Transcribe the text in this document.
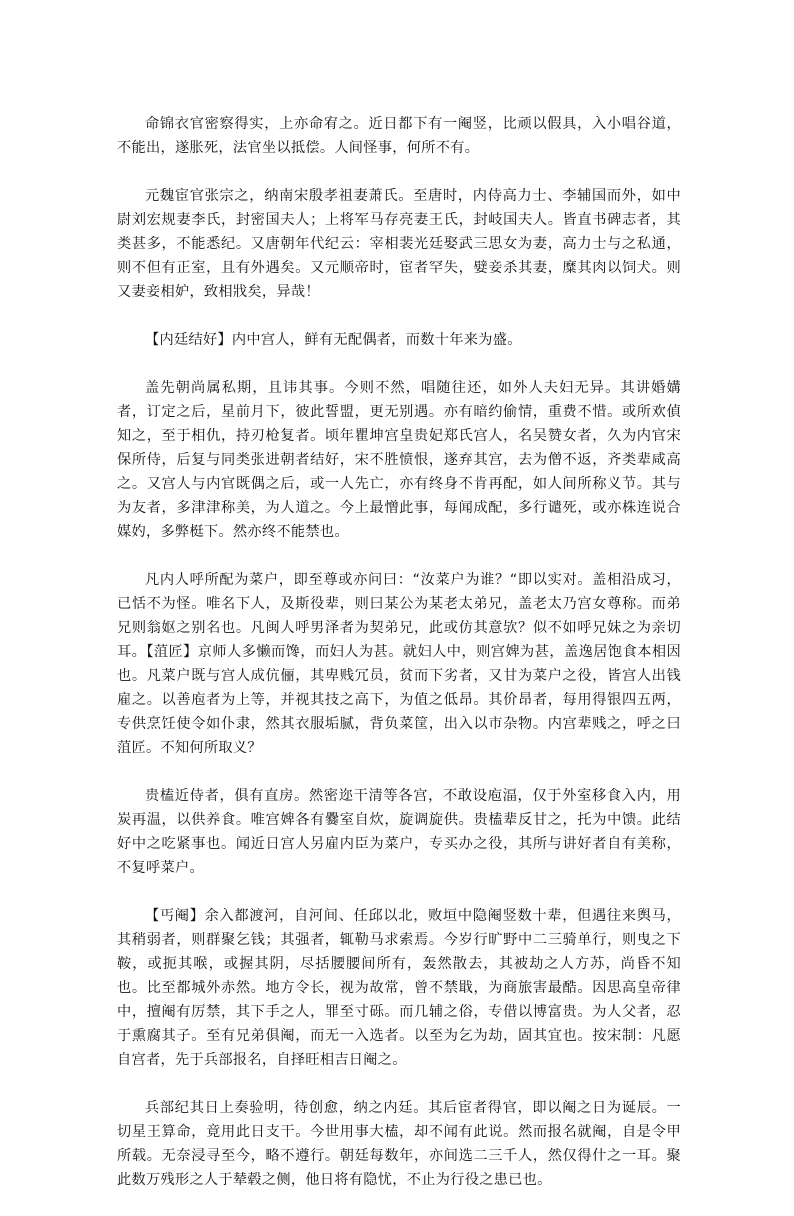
命锦衣官密察得实，上亦命宥之。近日都下有一阉竖，比顽以假具，入小唱谷道，不能出，遂胀死，法官坐以抵偿。人间怪事，何所不有。

元魏宦官张宗之，纳南宋殷孝祖妻萧氏。至唐时，内侍高力士、李辅国而外，如中尉刘宏规妻李氏，封密国夫人；上将军马存亮妻王氏，封岐国夫人。皆直书碑志者，其类甚多，不能悉纪。又唐朝年代纪云：宰相裴光廷娶武三思女为妻，高力士与之私通，则不但有正室，且有外遇矣。又元顺帝时，宦者罕失，嬖妾杀其妻，糜其肉以饲犬。则又妻妾相妒，致相戕矣，异哉！

【内廷结好】内中宫人，鲜有无配偶者，而数十年来为盛。

盖先朝尚属私期，且讳其事。今则不然，唱随往还，如外人夫妇无异。其讲婚媾者，订定之后，星前月下，彼此誓盟，更无别遇。亦有暗约偷情，重费不惜。或所欢偵知之，至于相仇，持刃枪复者。顷年瞿坤宫皇贵妃郑氏宫人，名吴赞女者，久为内官宋保所侍，后复与同类张进朝者结好，宋不胜愤恨，遂弃其宫，去为僧不返，齐类辈咸高之。又宫人与内官既偶之后，或一人先亡，亦有终身不肯再配，如人间所称义节。其与为友者，多津津称美，为人道之。今上最憎此事，每闻成配，多行谴死，或亦株连说合媒妁，多弊梃下。然亦终不能禁也。

凡内人呼所配为菜户，即至尊或亦问曰：“汝菜户为谁？“即以实对。盖相沿成习，已恬不为怪。唯名下人，及斯役辈，则曰某公为某老太弟兄，盖老太乃宫女尊称。而弟兄则翁妪之别名也。凡闽人呼男泽者为契弟兄，此或仿其意欤？似不如呼兄妹之为亲切耳。【菹匠】京师人多懒而馋，而妇人为甚。就妇人中，则宫婢为甚，盖逸居饱食本相因也。凡菜户既与宫人成伉俪，其卑贱冗员，贫而下劣者，又甘为菜户之役，皆宫人出钱雇之。以善庖者为上等，并视其技之高下，为值之低昂。其价昂者，每用得银四五两，专供烹饪使令如仆隶，然其衣服垢腻，背负菜筐，出入以市杂物。内宫辈贱之，呼之曰菹匠。不知何所取义？

贵榼近侍者，俱有直房。然密迩干清等各宫，不敢设庖湢，仅于外室移食入内，用炭再温，以供养食。唯宫婢各有爨室自炊，旋调旋供。贵榼辈反甘之，托为中馈。此结好中之吃紧事也。闻近日宫人另雇内臣为菜户，专买办之役，其所与讲好者自有美称，不复呼菜户。

【丐阉】余入都渡河，自河间、任邱以北，败垣中隐阉竖数十辈，但遇往来舆马，其稍弱者，则群聚乞钱；其强者，辄勒马求索焉。今岁行旷野中二三骑单行，则曳之下鞍，或扼其喉，或握其阴，尽括腰腰间所有，轰然散去，其被劫之人方苏，尚昏不知也。比至都城外赤然。地方令长，视为故常，曾不禁戢，为商旅害最酷。因思高皇帝律中，擅阉有厉禁，其下手之人，罪至寸砾。而几辅之俗，专借以博富贵。为人父者，忍于熏腐其子。至有兄弟俱阉，而无一入选者。以至为乞为劫，固其宜也。按宋制：凡愿自宫者，先于兵部报名，自择旺相吉日阉之。

兵部纪其日上奏验明，待创愈，纳之内廷。其后宦者得官，即以阉之日为诞辰。一切星王算命，竟用此日支干。今世用事大榼，却不闻有此说。然而报名就阉，自是令甲所载。无奈浸寻至今，略不遵行。朝廷每数年，亦间选二三千人，然仅得什之一耳。聚此数万残形之人于辇毂之侧，他日将有隐忧，不止为行役之患已也。
